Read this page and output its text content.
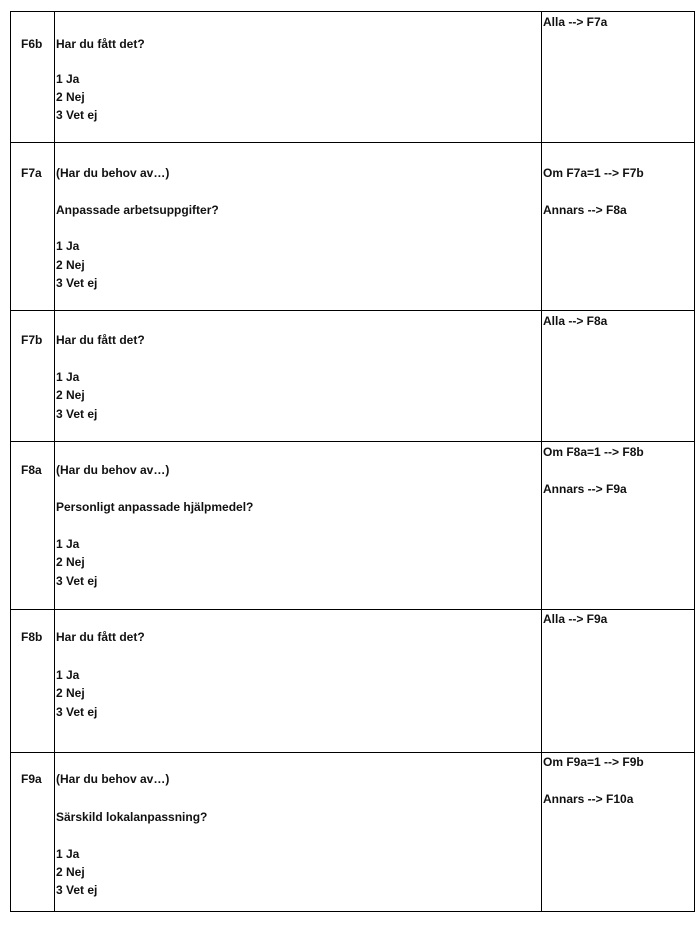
F6b Har du fått det?
1 Ja
2 Nej
3 Vet ej
Alla --> F7a
F7a (Har du behov av…)
Anpassade arbetsuppgifter?
1 Ja
2 Nej
3 Vet ej
Om F7a=1 --> F7b
Annars --> F8a
F7b Har du fått det?
1 Ja
2 Nej
3 Vet ej
Alla --> F8a
F8a (Har du behov av…)
Personligt anpassade hjälpmedel?
1 Ja
2 Nej
3 Vet ej
Om F8a=1 --> F8b
Annars --> F9a
F8b Har du fått det?
1 Ja
2 Nej
3 Vet ej
Alla --> F9a
F9a (Har du behov av…)
Särskild lokalanpassning?
1 Ja
2 Nej
3 Vet ej
Om F9a=1 --> F9b
Annars --> F10a
